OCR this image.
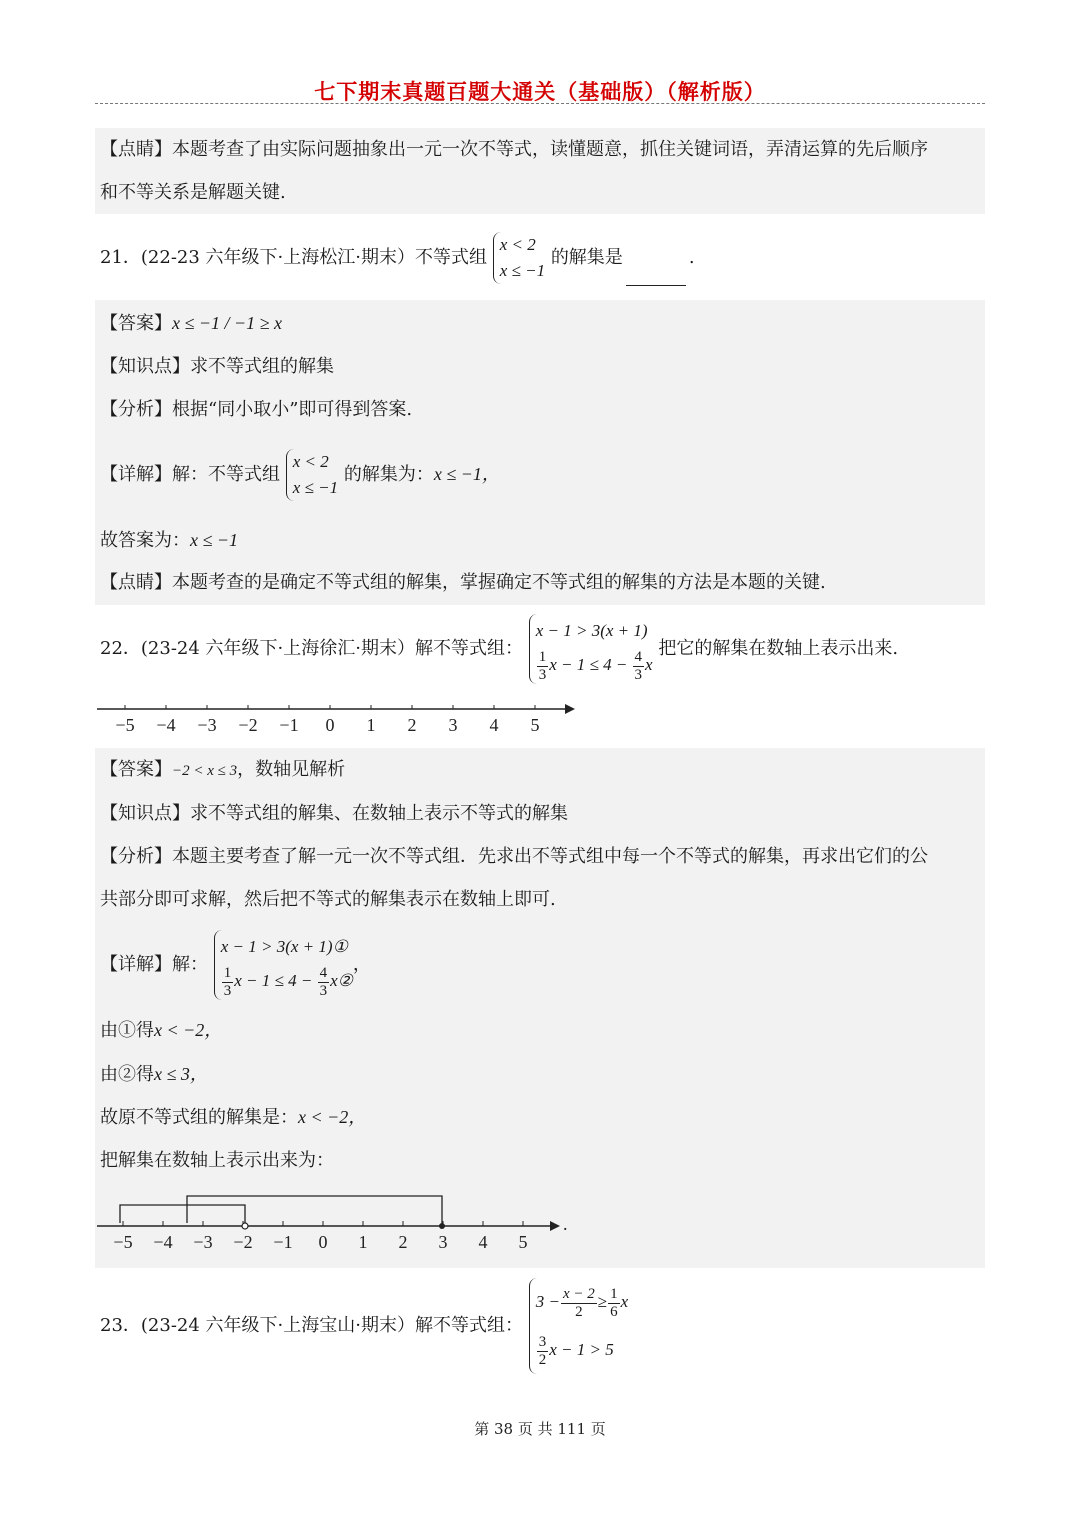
七下期末真题百题大通关（基础版）（解析版）
【点睛】本题考查了由实际问题抽象出一元一次不等式，读懂题意，抓住关键词语，弄清运算的先后顺序
和不等关系是解题关键.
21．(22-23 六年级下·上海松江·期末）不等式组
x < 2
x ≤ −1
的解集是	.
【答案】x ≤ −1 / −1 ≥ x
【知识点】求不等式组的解集
【分析】根据“同小取小”即可得到答案.
【详解】解：不等式组
x < 2
x ≤ −1
的解集为：x ≤ −1，
故答案为：x ≤ −1
【点睛】本题考查的是确定不等式组的解集，掌握确定不等式组的解集的方法是本题的关键.
22．(23-24 六年级下·上海徐汇·期末）解不等式组：
x − 1 > 3(x + 1)
$\frac{1}{3}$ $x - 1 \le 4 - \frac{4}{3}$ x
把它的解集在数轴上表示出来.
−5 −4 −3 −2 −1 0 1 2 3 4 5
【答案】−2 < x ≤ 3，数轴见解析
【知识点】求不等式组的解集、在数轴上表示不等式的解集
【分析】本题主要考查了解一元一次不等式组．先求出不等式组中每一个不等式的解集，再求出它们的公
共部分即可求解，然后把不等式的解集表示在数轴上即可.
【详解】解：
x − 1 > 3(x + 1)①
$\frac{1}{3}$ $x - 1 \le 4 - \frac{4}{3}$ x②
，
由①得x < −2，
由②得x ≤ 3，
故原不等式组的解集是：x < −2，
把解集在数轴上表示出来为：
.
−5 −4 −3 −2 −1 0 1 2 3 4 5
23．(23-24 六年级下·上海宝山·期末）解不等式组：
$3 - \frac{x - 2}{2} \ge \frac{1}{6}$ x
$\frac{3}{2}$ x − 1 > 5
第 38 页 共 111 页
